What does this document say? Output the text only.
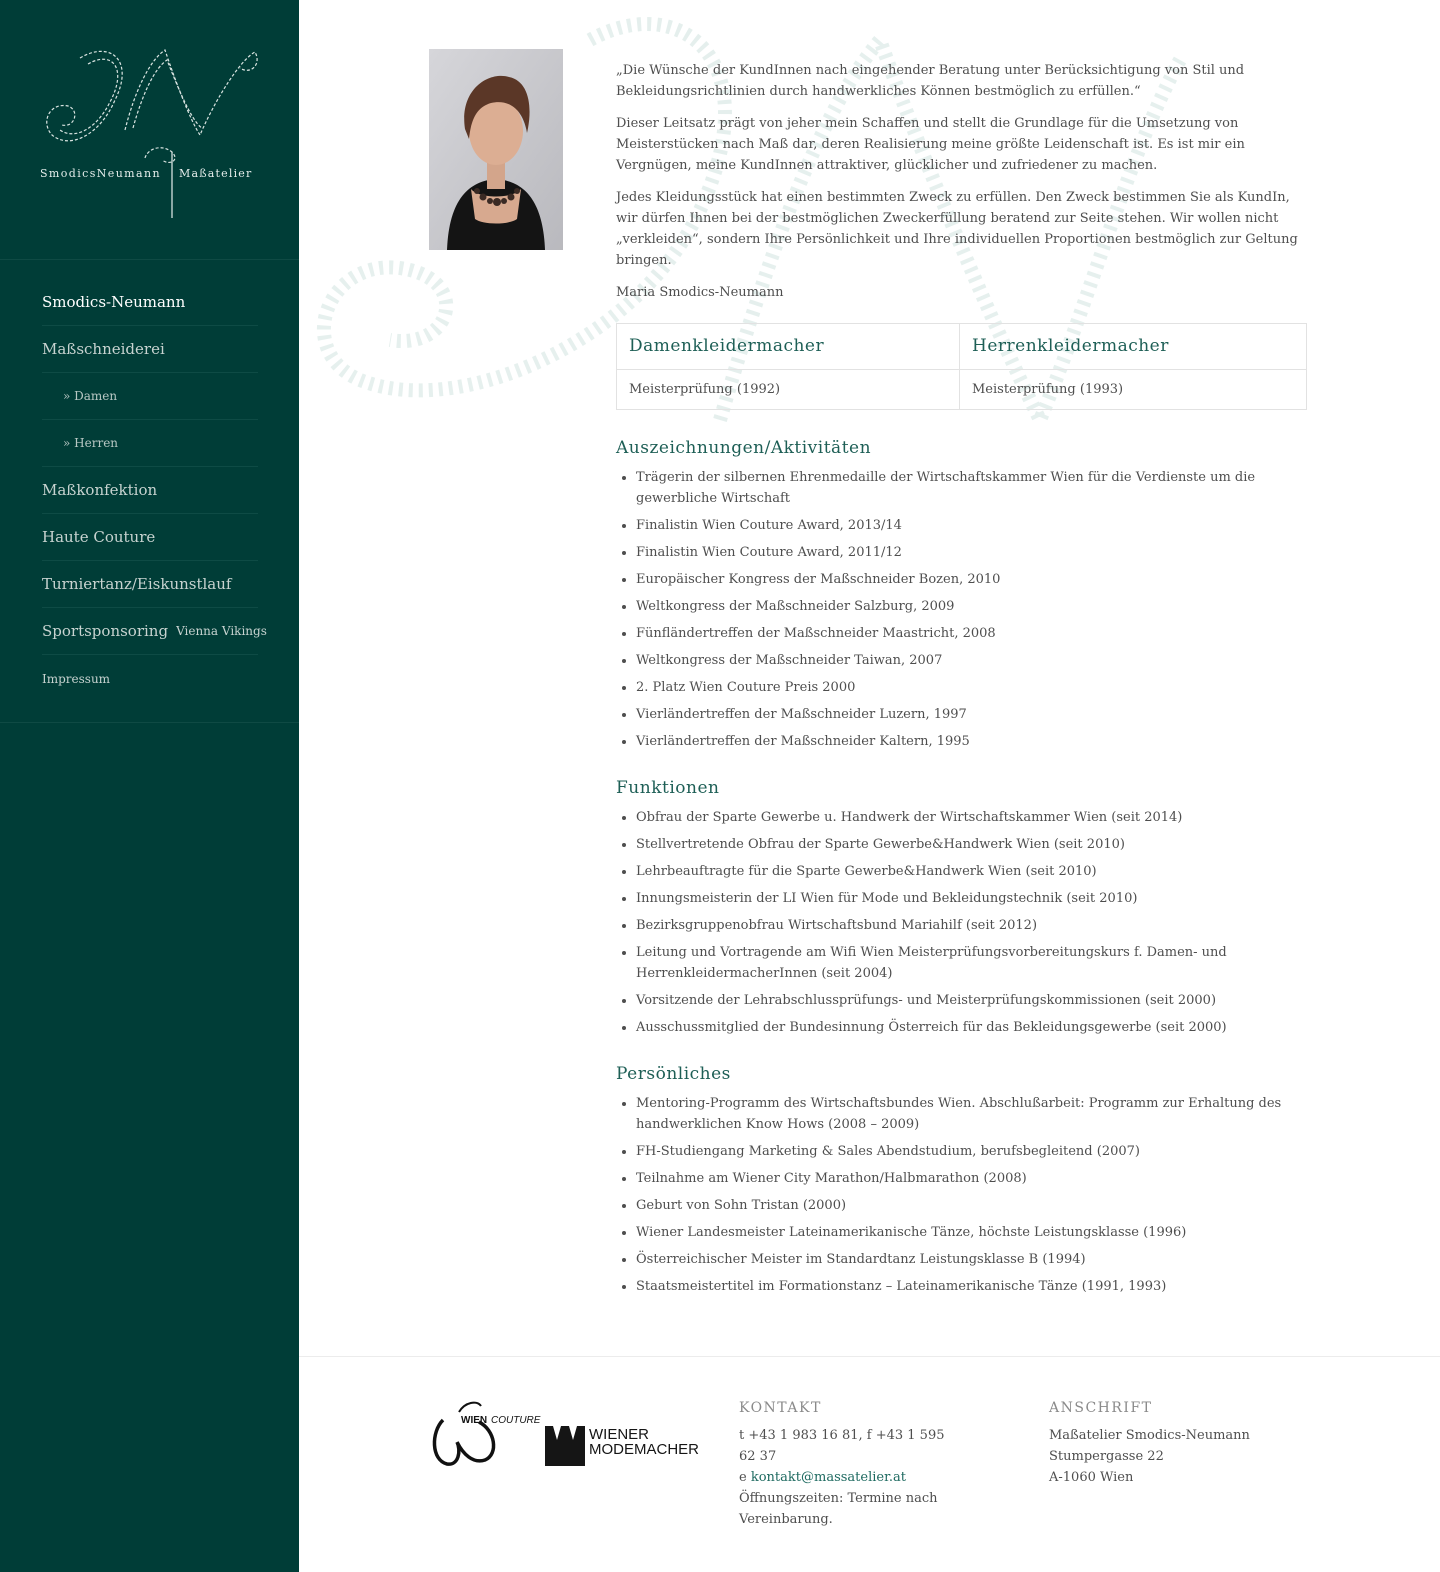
SmodicsNeumann Maßatelier
Smodics-Neumann
Maßschneiderei
» Damen
» Herren
Maßkonfektion
Haute Couture
Turniertanz/Eiskunstlauf
Sportsponsoring Vienna Vikings
Impressum

„Die Wünsche der KundInnen nach eingehender Beratung unter Berücksichtigung von Stil und Bekleidungsrichtlinien durch handwerkliches Können bestmöglich zu erfüllen.“

Dieser Leitsatz prägt von jeher mein Schaffen und stellt die Grundlage für die Umsetzung von Meisterstücken nach Maß dar, deren Realisierung meine größte Leidenschaft ist. Es ist mir ein Vergnügen, meine KundInnen attraktiver, glücklicher und zufriedener zu machen.

Jedes Kleidungsstück hat einen bestimmten Zweck zu erfüllen. Den Zweck bestimmen Sie als KundIn, wir dürfen Ihnen bei der bestmöglichen Zweckerfüllung beratend zur Seite stehen. Wir wollen nicht „verkleiden“, sondern Ihre Persönlichkeit und Ihre individuellen Proportionen bestmöglich zur Geltung bringen.

Maria Smodics-Neumann

Damenkleidermacher	Herrenkleidermacher
Meisterprüfung (1992)	Meisterprüfung (1993)
Auszeichnungen/Aktivitäten
• Trägerin der silbernen Ehrenmedaille der Wirtschaftskammer Wien für die Verdienste um die gewerbliche Wirtschaft
• Finalistin Wien Couture Award, 2013/14
• Finalistin Wien Couture Award, 2011/12
• Europäischer Kongress der Maßschneider Bozen, 2010
• Weltkongress der Maßschneider Salzburg, 2009
• Fünfländertreffen der Maßschneider Maastricht, 2008
• Weltkongress der Maßschneider Taiwan, 2007
• 2. Platz Wien Couture Preis 2000
• Vierländertreffen der Maßschneider Luzern, 1997
• Vierländertreffen der Maßschneider Kaltern, 1995
Funktionen
• Obfrau der Sparte Gewerbe u. Handwerk der Wirtschaftskammer Wien (seit 2014)
• Stellvertretende Obfrau der Sparte Gewerbe&Handwerk Wien (seit 2010)
• Lehrbeauftragte für die Sparte Gewerbe&Handwerk Wien (seit 2010)
• Innungsmeisterin der LI Wien für Mode und Bekleidungstechnik (seit 2010)
• Bezirksgruppenobfrau Wirtschaftsbund Mariahilf (seit 2012)
• Leitung und Vortragende am Wifi Wien Meisterprüfungsvorbereitungskurs f. Damen- und HerrenkleidermacherInnen (seit 2004)
• Vorsitzende der Lehrabschlussprüfungs- und Meisterprüfungskommissionen (seit 2000)
• Ausschussmitglied der Bundesinnung Österreich für das Bekleidungsgewerbe (seit 2000)
Persönliches
• Mentoring-Programm des Wirtschaftsbundes Wien. Abschlußarbeit: Programm zur Erhaltung des handwerklichen Know Hows (2008 – 2009)
• FH-Studiengang Marketing & Sales Abendstudium, berufsbegleitend (2007)
• Teilnahme am Wiener City Marathon/Halbmarathon (2008)
• Geburt von Sohn Tristan (2000)
• Wiener Landesmeister Lateinamerikanische Tänze, höchste Leistungsklasse (1996)
• Österreichischer Meister im Standardtanz Leistungsklasse B (1994)
• Staatsmeistertitel im Formationstanz – Lateinamerikanische Tänze (1991, 1993)
WIEN COUTURE
WIENER
MODEMACHER
KONTAKT
t +43 1 983 16 81, f +43 1 595 62 37
e kontakt@massatelier.at
Öffnungszeiten: Termine nach Vereinbarung.
ANSCHRIFT
Maßatelier Smodics-Neumann
Stumpergasse 22
A-1060 Wien
